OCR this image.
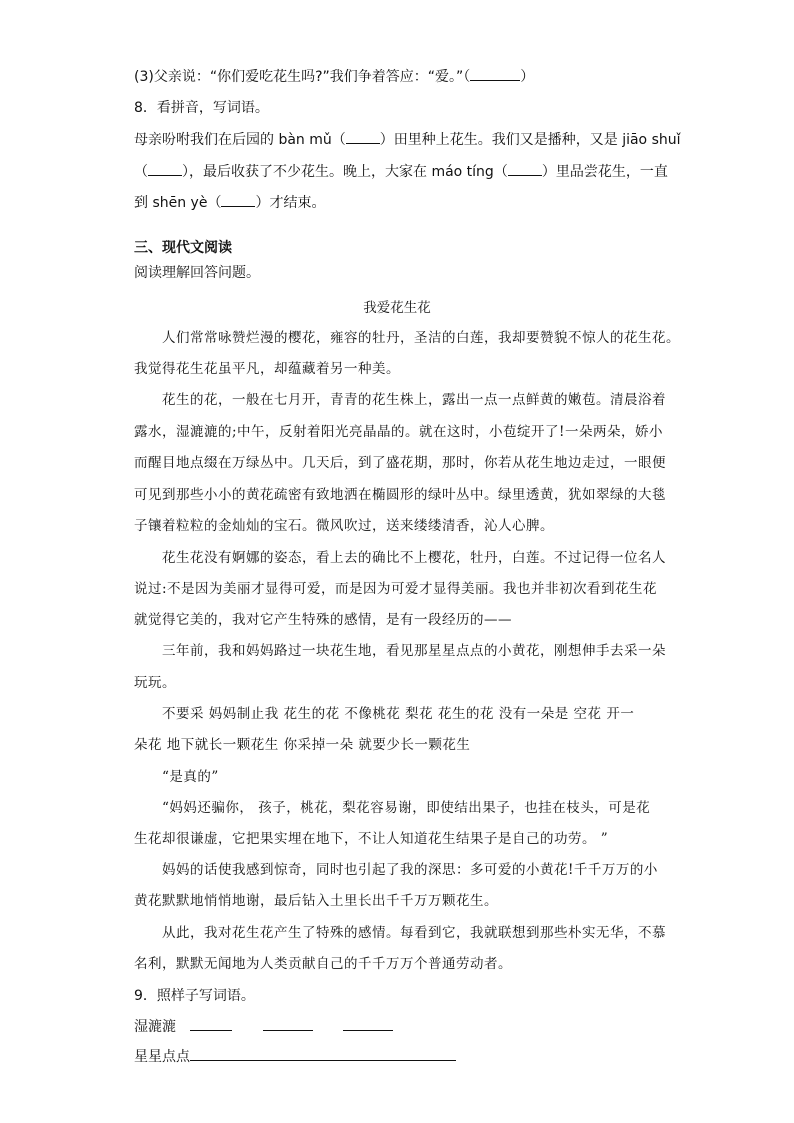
(3)父亲说：“你们爱吃花生吗?”我们争着答应：“爱。”（	）
8．看拼音，写词语。
母亲吩咐我们在后园的 bàn mǔ（ ）田里种上花生。我们又是播种，又是 jiāo shuǐ
（ ），最后收获了不少花生。晚上，大家在 máo tíng（ ）里品尝花生，一直
到 shēn yè（ ）才结束。
三、现代文阅读
阅读理解回答问题。
我爱花生花
　　人们常常咏赞烂漫的樱花，雍容的牡丹，圣洁的白莲，我却要赞貌不惊人的花生花。
我觉得花生花虽平凡，却蕴藏着另一种美。
　　花生的花，一般在七月开，青青的花生株上，露出一点一点鲜黄的嫩苞。清晨浴着
露水，湿漉漉的;中午，反射着阳光亮晶晶的。就在这时，小苞绽开了!一朵两朵，娇小
而醒目地点缀在万绿丛中。几天后，到了盛花期，那时，你若从花生地边走过，一眼便
可见到那些小小的黄花疏密有致地洒在椭圆形的绿叶丛中。绿里透黄，犹如翠绿的大毯
子镶着粒粒的金灿灿的宝石。微风吹过，送来缕缕清香，沁人心脾。
　　花生花没有婀娜的姿态，看上去的确比不上樱花，牡丹，白莲。不过记得一位名人
说过:不是因为美丽才显得可爱，而是因为可爱才显得美丽。我也并非初次看到花生花
就觉得它美的，我对它产生特殊的感情，是有一段经历的——
　　三年前，我和妈妈路过一块花生地，看见那星星点点的小黄花，刚想伸手去采一朵
玩玩。
　　不要采 妈妈制止我 花生的花 不像桃花 梨花 花生的花 没有一朵是 空花 开一
朵花 地下就长一颗花生 你采掉一朵 就要少长一颗花生
　　“是真的”
　　“妈妈还骗你， 孩子，桃花，梨花容易谢，即使结出果子，也挂在枝头，可是花
生花却很谦虚，它把果实埋在地下，不让人知道花生结果子是自己的功劳。 ”
　　妈妈的话使我感到惊奇，同时也引起了我的深思：多可爱的小黄花!千千万万的小
黄花默默地悄悄地谢，最后钻入土里长出千千万万颗花生。
　　从此，我对花生花产生了特殊的感情。每看到它，我就联想到那些朴实无华，不慕
名利，默默无闻地为人类贡献自己的千千万万个普通劳动者。
9．照样子写词语。
湿漉漉
星星点点
